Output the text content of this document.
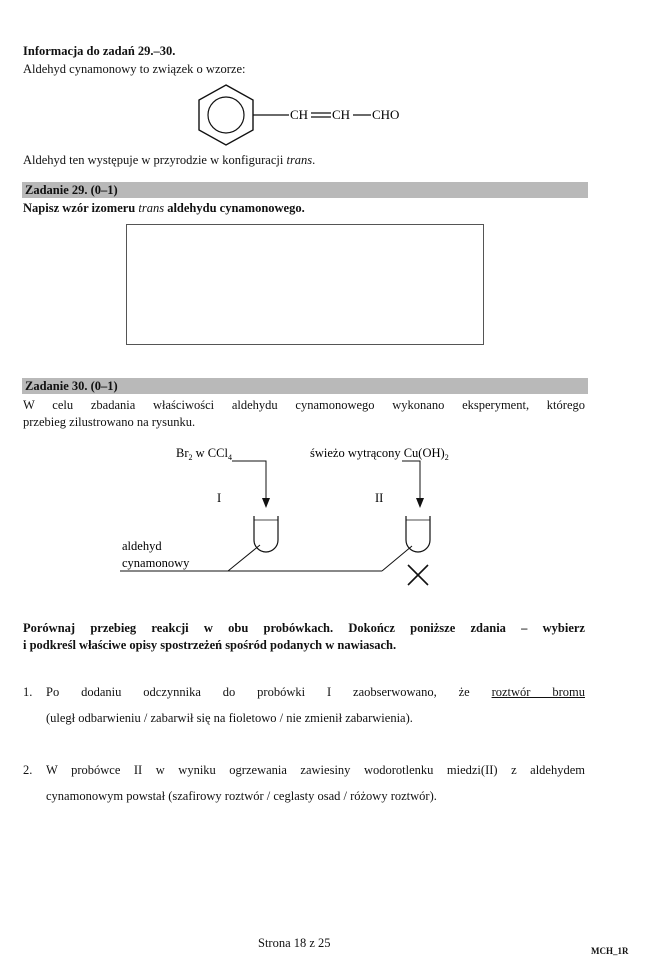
Informacja do zadań 29.–30.
Aldehyd cynamonowy to związek o wzorze:
CH CH CHO
Aldehyd ten występuje w przyrodzie w konfiguracji trans.
Zadanie 29. (0–1)
Napisz wzór izomeru trans aldehydu cynamonowego.
Zadanie 30. (0–1)
W celu zbadania właściwości aldehydu cynamonowego wykonano eksperyment, którego
przebieg zilustrowano na rysunku.
$Br_2$ w CCl$_4$	świeżo wytrącony $Cu(OH)_2$
I	II
aldehyd
cynamonowy
Porównaj przebieg reakcji w obu probówkach. Dokończ poniższe zdania – wybierz
i podkreśl właściwe opisy spostrzeżeń spośród podanych w nawiasach.
1. Po dodaniu odczynnika do probówki I zaobserwowano, że roztwór bromu
(uległ odbarwieniu / zabarwił się na fioletowo / nie zmienił zabarwienia).
2. W probówce II w wyniku ogrzewania zawiesiny wodorotlenku miedzi(II) z aldehydem
cynamonowym powstał (szafirowy roztwór / ceglasty osad / różowy roztwór).
Strona 18 z 25
MCH_1R
